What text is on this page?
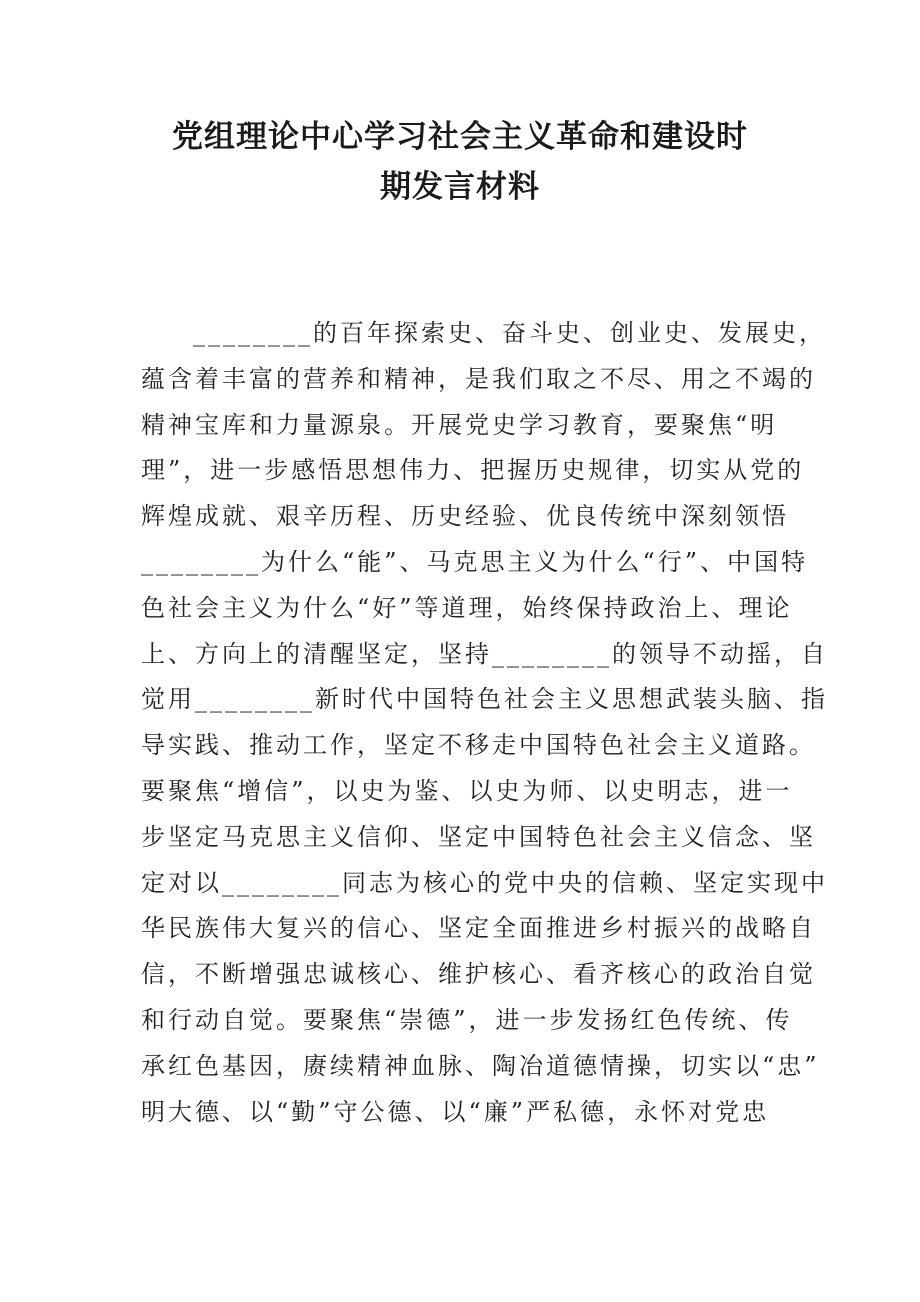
党组理论中心学习社会主义革命和建设时
期发言材料
________的百年探索史、奋斗史、创业史、发展史，
蕴含着丰富的营养和精神，是我们取之不尽、用之不竭的
精神宝库和力量源泉。开展党史学习教育，要聚焦“明
理”，进一步感悟思想伟力、把握历史规律，切实从党的
辉煌成就、艰辛历程、历史经验、优良传统中深刻领悟
________为什么“能”、马克思主义为什么“行”、中国特
色社会主义为什么“好”等道理，始终保持政治上、理论
上、方向上的清醒坚定，坚持________的领导不动摇，自
觉用________新时代中国特色社会主义思想武装头脑、指
导实践、推动工作，坚定不移走中国特色社会主义道路。
要聚焦“增信”，以史为鉴、以史为师、以史明志，进一
步坚定马克思主义信仰、坚定中国特色社会主义信念、坚
定对以________同志为核心的党中央的信赖、坚定实现中
华民族伟大复兴的信心、坚定全面推进乡村振兴的战略自
信，不断增强忠诚核心、维护核心、看齐核心的政治自觉
和行动自觉。要聚焦“崇德”，进一步发扬红色传统、传
承红色基因，赓续精神血脉、陶冶道德情操，切实以“忠”
明大德、以“勤”守公德、以“廉”严私德，永怀对党忠
